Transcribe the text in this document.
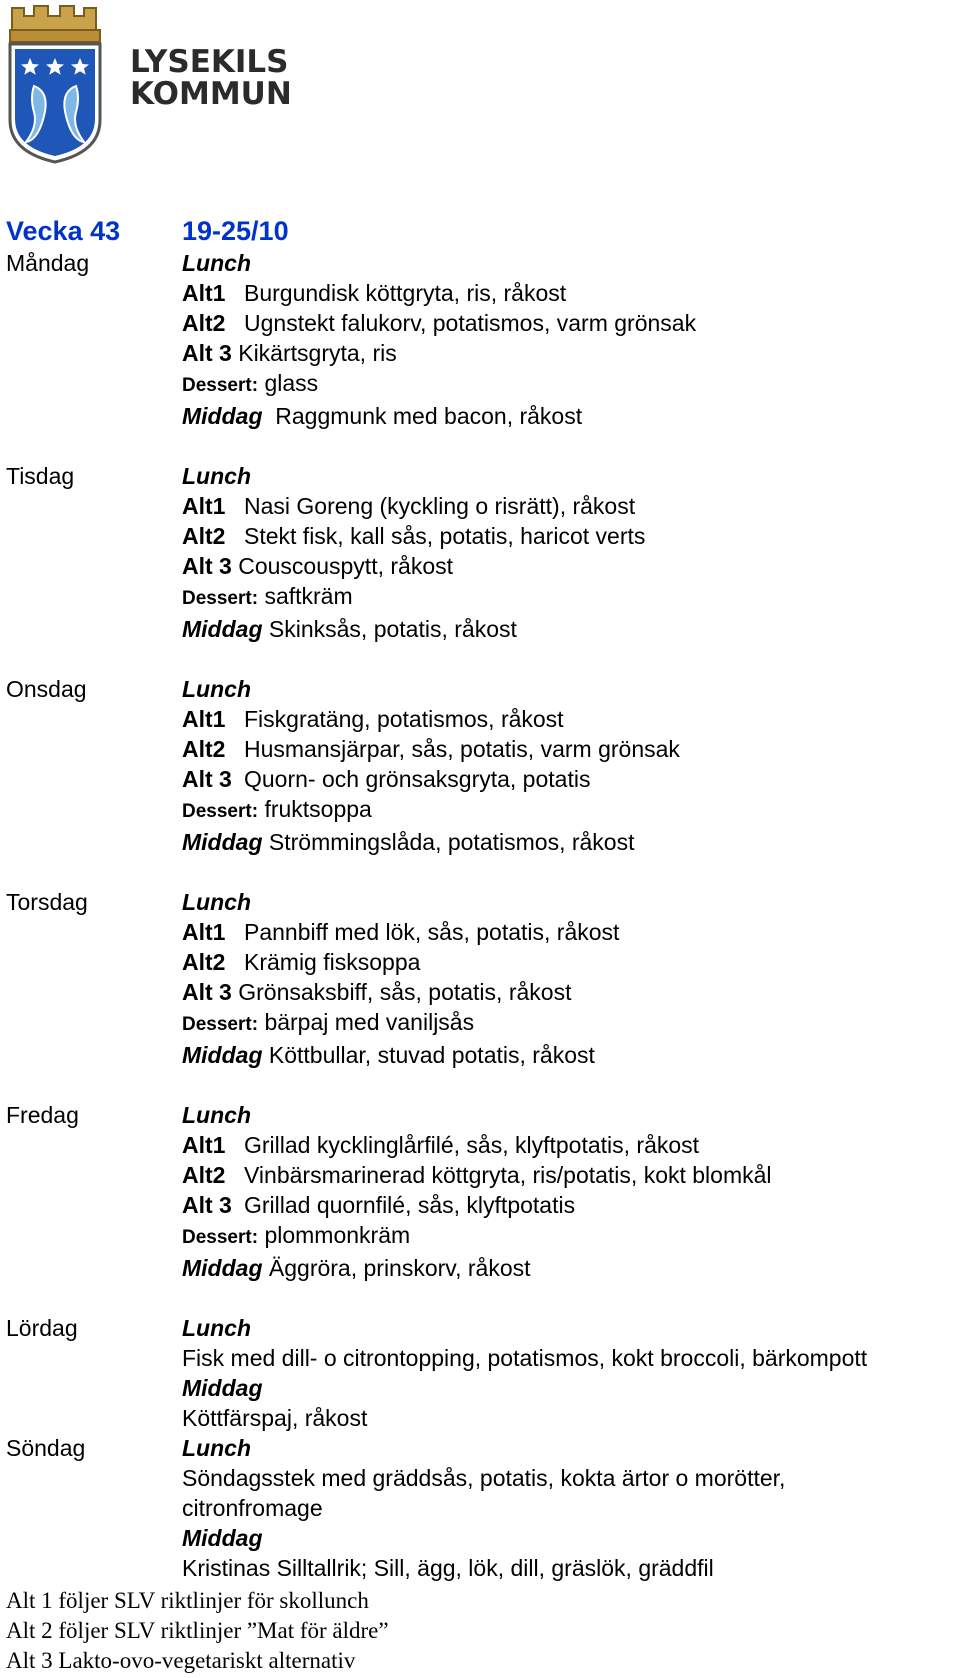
LYSEKILS
KOMMUN
Vecka 43	19-25/10
Måndag	Lunch
Alt1 Burgundisk köttgryta, ris, råkost
Alt2 Ugnstekt falukorv, potatismos, varm grönsak
Alt 3 Kikärtsgryta, ris
Dessert: glass
Middag Raggmunk med bacon, råkost
Tisdag	Lunch
Alt1 Nasi Goreng (kyckling o risrätt), råkost
Alt2 Stekt fisk, kall sås, potatis, haricot verts
Alt 3 Couscouspytt, råkost
Dessert: saftkräm
Middag Skinksås, potatis, råkost
Onsdag	Lunch
Alt1 Fiskgratäng, potatismos, råkost
Alt2 Husmansjärpar, sås, potatis, varm grönsak
Alt 3 Quorn- och grönsaksgryta, potatis
Dessert: fruktsoppa
Middag Strömmingslåda, potatismos, råkost
Torsdag	Lunch
Alt1 Pannbiff med lök, sås, potatis, råkost
Alt2 Krämig fisksoppa
Alt 3 Grönsaksbiff, sås, potatis, råkost
Dessert: bärpaj med vaniljsås
Middag Köttbullar, stuvad potatis, råkost
Fredag	Lunch
Alt1 Grillad kycklinglårfilé, sås, klyftpotatis, råkost
Alt2 Vinbärsmarinerad köttgryta, ris/potatis, kokt blomkål
Alt 3 Grillad quornfilé, sås, klyftpotatis
Dessert: plommonkräm
Middag Äggröra, prinskorv, råkost
Lördag	Lunch
Fisk med dill- o citrontopping, potatismos, kokt broccoli, bärkompott
Middag
Köttfärspaj, råkost
Söndag	Lunch
Söndagsstek med gräddsås, potatis, kokta ärtor o morötter, citronfromage
Middag
Kristinas Silltallrik; Sill, ägg, lök, dill, gräslök, gräddfil
Alt 1 följer SLV riktlinjer för skollunch
Alt 2 följer SLV riktlinjer ”Mat för äldre”
Alt 3 Lakto-ovo-vegetariskt alternativ
